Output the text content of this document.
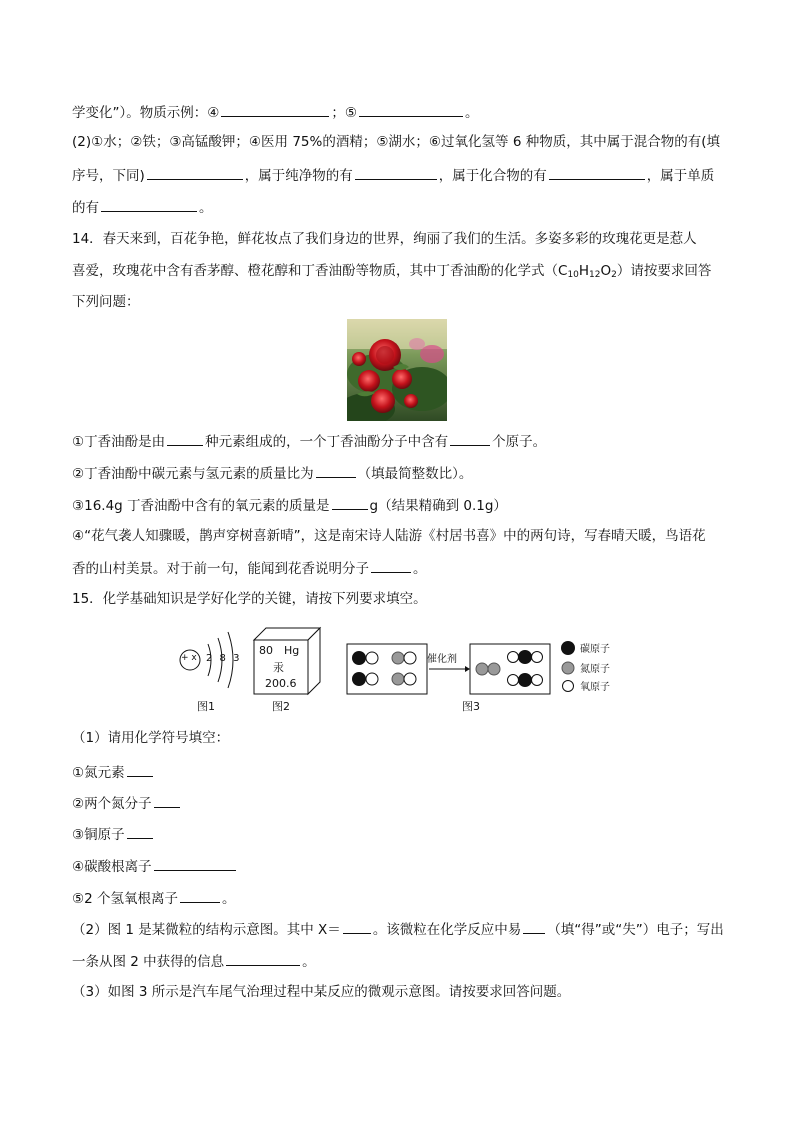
学变化”）。物质示例：④	；⑤	。
(2)①水；②铁；③高锰酸钾；④医用 75%的酒精；⑤湖水；⑥过氧化氢等 6 种物质，其中属于混合物的有(填
序号，下同)	，属于纯净物的有	，属于化合物的有	，属于单质
的有	。
14．春天来到，百花争艳，鲜花妆点了我们身边的世界，绚丽了我们的生活。多姿多彩的玫瑰花更是惹人
喜爱，玫瑰花中含有香茅醇、橙花醇和丁香油酚等物质，其中丁香油酚的化学式$(C_{10}H_{12}O_2)$请按要求回答
下列问题：
①丁香油酚是由	种元素组成的，一个丁香油酚分子中含有	个原子。
②丁香油酚中碳元素与氢元素的质量比为	（填最简整数比）。
③16.4g 丁香油酚中含有的氧元素的质量是	g（结果精确到 0.1g）
④“花气袭人知骤暖，鹊声穿树喜新晴”，这是南宋诗人陆游《村居书喜》中的两句诗，写春晴天暖，鸟语花
香的山村美景。对于前一句，能闻到花香说明分子	。
15．化学基础知识是学好化学的关键，请按下列要求填空。
+ x 2 8 3
图1
80 Hg
汞
200.6
图2
催化剂
碳原子
氮原子
氧原子
图3
（1）请用化学符号填空：
①氮元素
②两个氮分子
③铜原子
④碳酸根离子
⑤2 个氢氧根离子	。
（2）图 1 是某微粒的结构示意图。其中 X＝ 。该微粒在化学反应中易 （填“得”或“失”）电子；写出
一条从图 2 中获得的信息	。
（3）如图 3 所示是汽车尾气治理过程中某反应的微观示意图。请按要求回答问题。
